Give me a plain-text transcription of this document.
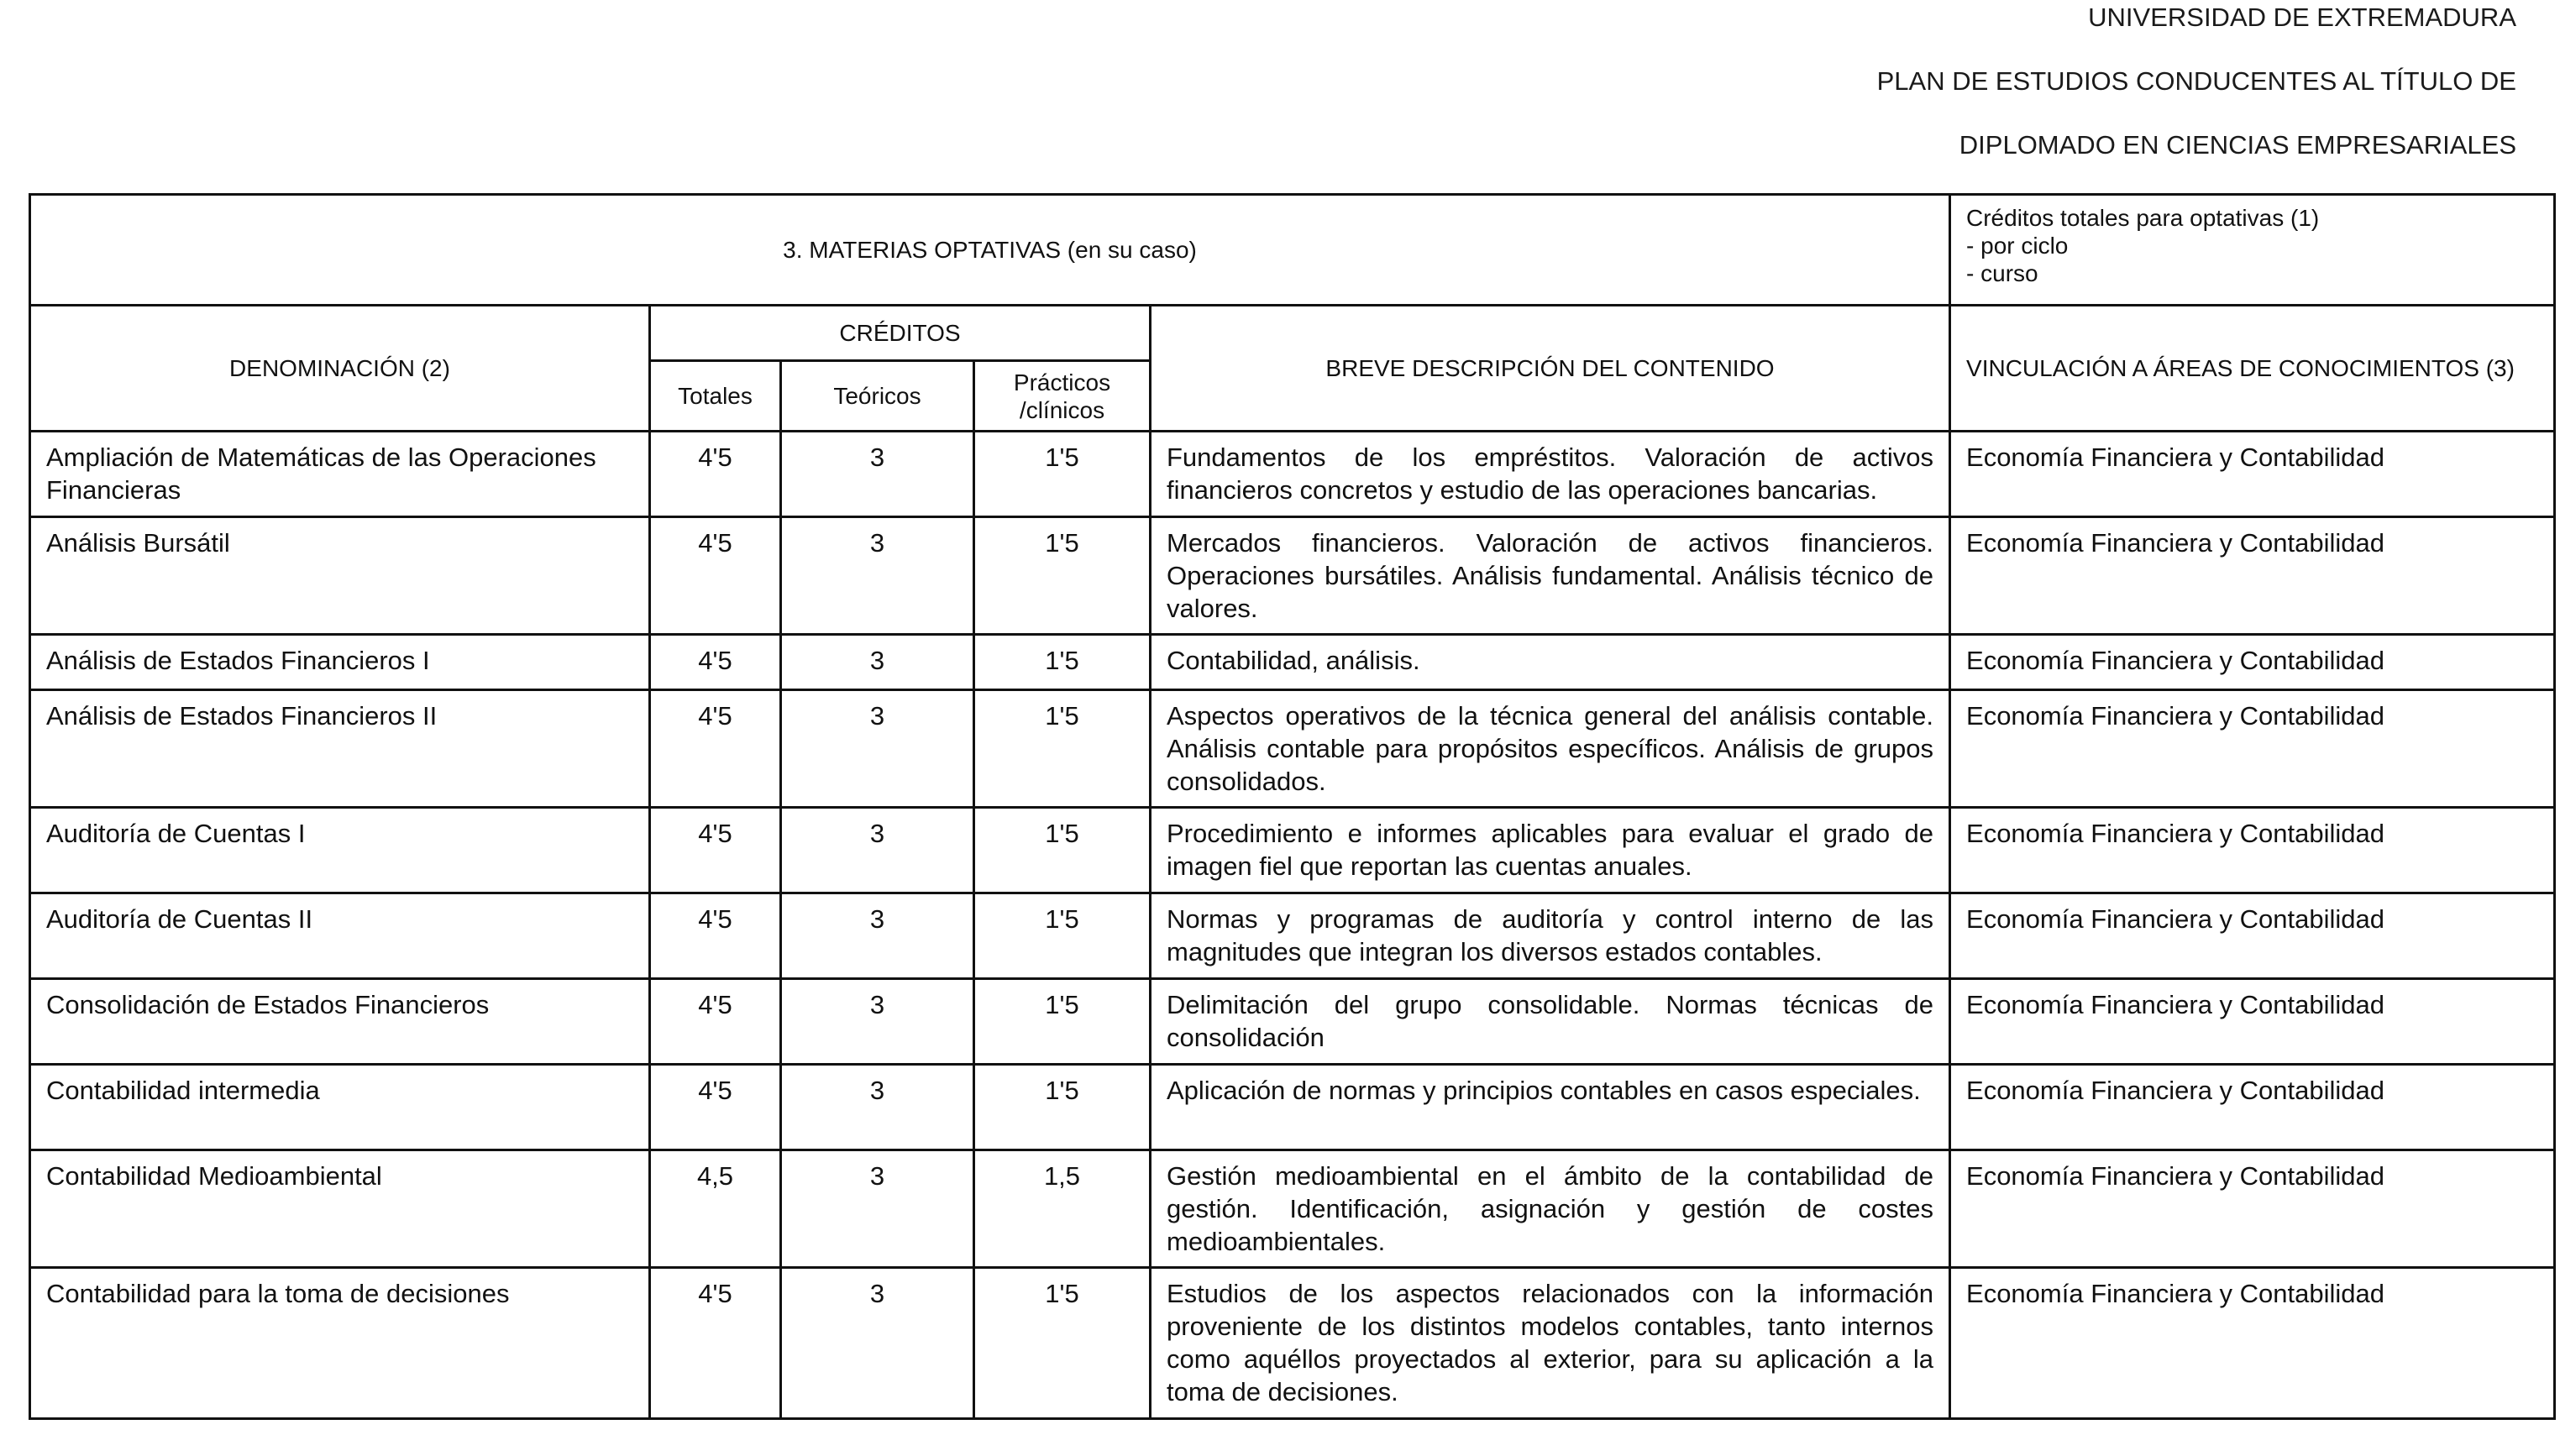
UNIVERSIDAD DE EXTREMADURA
PLAN DE ESTUDIOS CONDUCENTES AL TÍTULO DE
DIPLOMADO EN CIENCIAS EMPRESARIALES
3. MATERIAS OPTATIVAS (en su caso)					Créditos totales para optativas (1)
- por ciclo
- curso

DENOMINACIÓN (2)	CRÉDITOS			BREVE DESCRIPCIÓN DEL CONTENIDO	VINCULACIÓN A ÁREAS DE CONOCIMIENTOS (3)
	Totales	Teóricos	Prácticos
/clínicos		

Ampliación de Matemáticas de las Operaciones Financieras	4'5	3	1'5	Fundamentos de los empréstitos. Valoración de activos financieros concretos y estudio de las operaciones bancarias.	Economía Financiera y Contabilidad
Análisis Bursátil	4'5	3	1'5	Mercados financieros. Valoración de activos financieros. Operaciones bursátiles. Análisis fundamental. Análisis técnico de valores.	Economía Financiera y Contabilidad
Análisis de Estados Financieros I	4'5	3	1'5	Contabilidad, análisis.	Economía Financiera y Contabilidad
Análisis de Estados Financieros II	4'5	3	1'5	Aspectos operativos de la técnica general del análisis contable. Análisis contable para propósitos específicos. Análisis de grupos consolidados.	Economía Financiera y Contabilidad
Auditoría de Cuentas I	4'5	3	1'5	Procedimiento e informes aplicables para evaluar el grado de imagen fiel que reportan las cuentas anuales.	Economía Financiera y Contabilidad
Auditoría de Cuentas II	4'5	3	1'5	Normas y programas de auditoría y control interno de las magnitudes que integran los diversos estados contables.	Economía Financiera y Contabilidad
Consolidación de Estados Financieros	4'5	3	1'5	Delimitación del grupo consolidable. Normas técnicas de consolidación	Economía Financiera y Contabilidad
Contabilidad intermedia	4'5	3	1'5	Aplicación de normas y principios contables en casos especiales.	Economía Financiera y Contabilidad
Contabilidad Medioambiental	4,5	3	1,5	Gestión medioambiental en el ámbito de la contabilidad de gestión. Identificación, asignación y gestión de costes medioambientales.	Economía Financiera y Contabilidad
Contabilidad para la toma de decisiones	4'5	3	1'5	Estudios de los aspectos relacionados con la información proveniente de los distintos modelos contables, tanto internos como aquéllos proyectados al exterior, para su aplicación a la toma de decisiones.	Economía Financiera y Contabilidad
